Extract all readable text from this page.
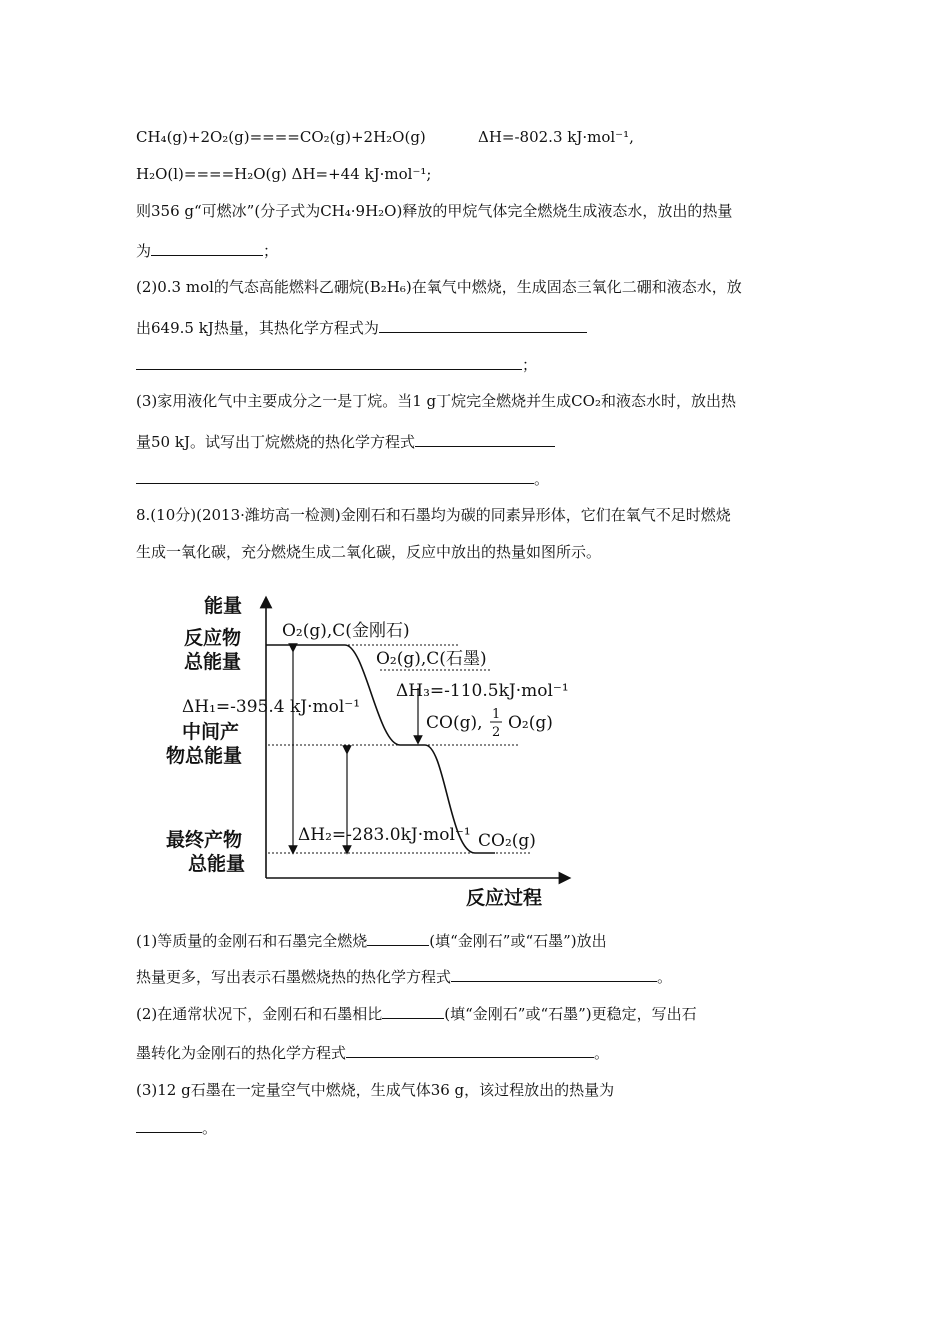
CH₄(g)+2O₂(g)====CO₂(g)+2H₂O(g)	ΔH=-802.3 kJ·mol⁻¹,
H₂O(l)====H₂O(g) ΔH=+44 kJ·mol⁻¹;
则356 g“可燃冰”(分子式为CH₄·9H₂O)释放的甲烷气体完全燃烧生成液态水，放出的热量
为	；
(2)0.3 mol的气态高能燃料乙硼烷(B₂H₆)在氧气中燃烧，生成固态三氧化二硼和液态水，放
出649.5 kJ热量，其热化学方程式为
；
(3)家用液化气中主要成分之一是丁烷。当1 g丁烷完全燃烧并生成CO₂和液态水时，放出热
量50 kJ。试写出丁烷燃烧的热化学方程式
。
8.(10分)(2013·潍坊高一检测)金刚石和石墨均为碳的同素异形体，它们在氧气不足时燃烧
生成一氧化碳，充分燃烧生成二氧化碳，反应中放出的热量如图所示。
能量
反应物
总能量
中间产
物总能量
最终产物
总能量
反应过程
O₂(g),C(金刚石)
O₂(g),C(石墨)
CO(g), 1
2 O₂(g)
CO₂(g)
ΔH₁=-395.4 kJ·mol⁻¹
ΔH₂=-283.0kJ·mol⁻¹
ΔH₃=-110.5kJ·mol⁻¹
(1)等质量的金刚石和石墨完全燃烧	(填“金刚石”或“石墨”)放出
热量更多，写出表示石墨燃烧热的热化学方程式	。
(2)在通常状况下，金刚石和石墨相比	(填“金刚石”或“石墨”)更稳定，写出石
墨转化为金刚石的热化学方程式	。
(3)12 g石墨在一定量空气中燃烧，生成气体36 g，该过程放出的热量为
。
